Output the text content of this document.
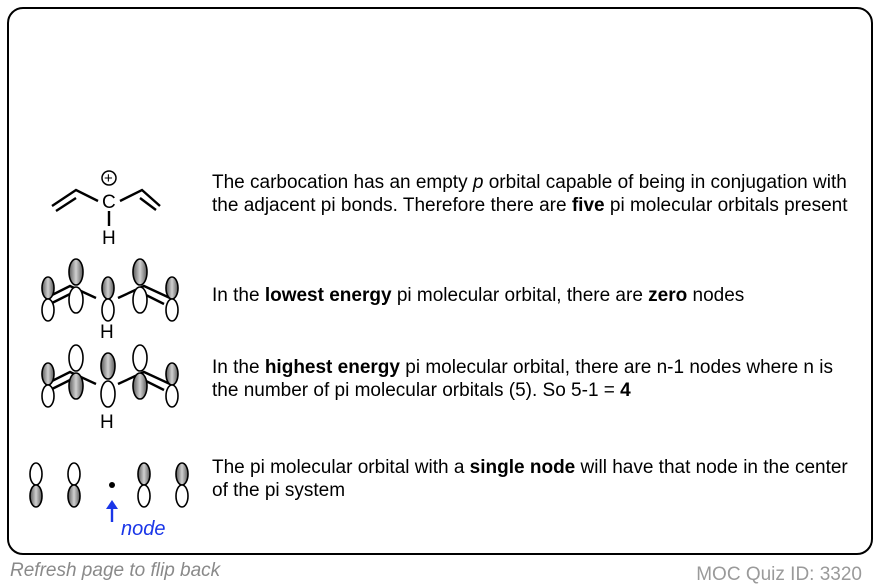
C
H
+	The carbocation has an empty p orbital capable of being in conjugation with the adjacent pi bonds. Therefore there are five pi molecular orbitals present
H
In the lowest energy pi molecular orbital, there are zero nodes
H
In the highest energy pi molecular orbital, there are n-1 nodes where n is the number of pi molecular orbitals (5). So 5-1 = 4
node
The pi molecular orbital with a single node will have that node in the center of the pi system
Refresh page to flip back	MOC Quiz ID: 3320
